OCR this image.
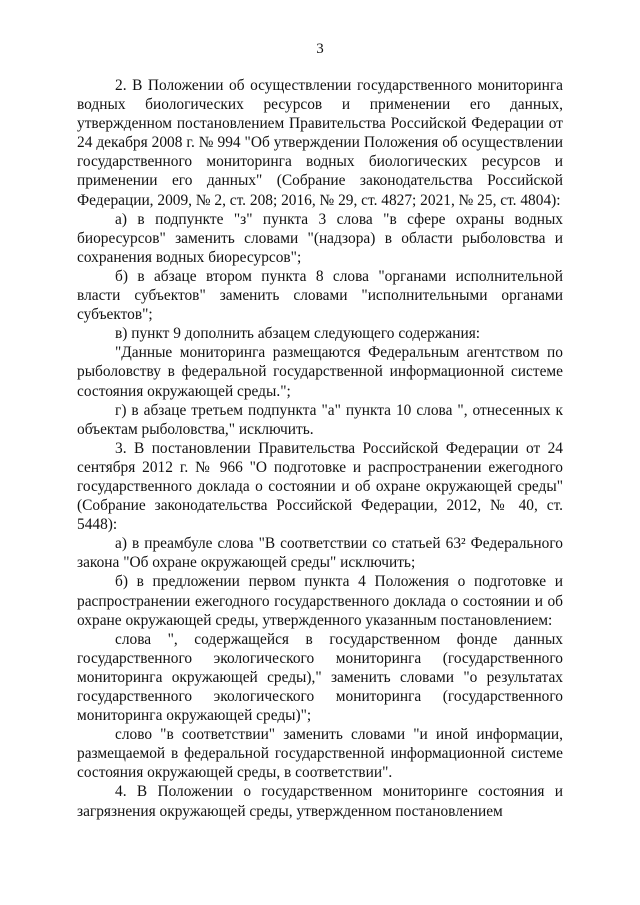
3

2. В Положении об осуществлении государственного мониторинга водных биологических ресурсов и применении его данных, утвержденном постановлением Правительства Российской Федерации от 24 декабря 2008 г. № 994 "Об утверждении Положения об осуществлении государственного мониторинга водных биологических ресурсов и применении его данных" (Собрание законодательства Российской Федерации, 2009, № 2, ст. 208; 2016, № 29, ст. 4827; 2021, № 25, ст. 4804):

а) в подпункте "з" пункта 3 слова "в сфере охраны водных биоресурсов" заменить словами "(надзора) в области рыболовства и сохранения водных биоресурсов";

б) в абзаце втором пункта 8 слова "органами исполнительной власти субъектов" заменить словами "исполнительными органами субъектов";

в) пункт 9 дополнить абзацем следующего содержания:

"Данные мониторинга размещаются Федеральным агентством по рыболовству в федеральной государственной информационной системе состояния окружающей среды.";

г) в абзаце третьем подпункта "а" пункта 10 слова ", отнесенных к объектам рыболовства," исключить.

3. В постановлении Правительства Российской Федерации от 24 сентября 2012 г. № 966 "О подготовке и распространении ежегодного государственного доклада о состоянии и об охране окружающей среды" (Собрание законодательства Российской Федерации, 2012, № 40, ст. 5448):

а) в преамбуле слова "В соответствии со статьей 63² Федерального закона "Об охране окружающей среды" исключить;

б) в предложении первом пункта 4 Положения о подготовке и распространении ежегодного государственного доклада о состоянии и об охране окружающей среды, утвержденного указанным постановлением:

слова ", содержащейся в государственном фонде данных государственного экологического мониторинга (государственного мониторинга окружающей среды)," заменить словами "о результатах государственного экологического мониторинга (государственного мониторинга окружающей среды)";

слово "в соответствии" заменить словами "и иной информации, размещаемой в федеральной государственной информационной системе состояния окружающей среды, в соответствии".

4. В Положении о государственном мониторинге состояния и загрязнения окружающей среды, утвержденном постановлением
